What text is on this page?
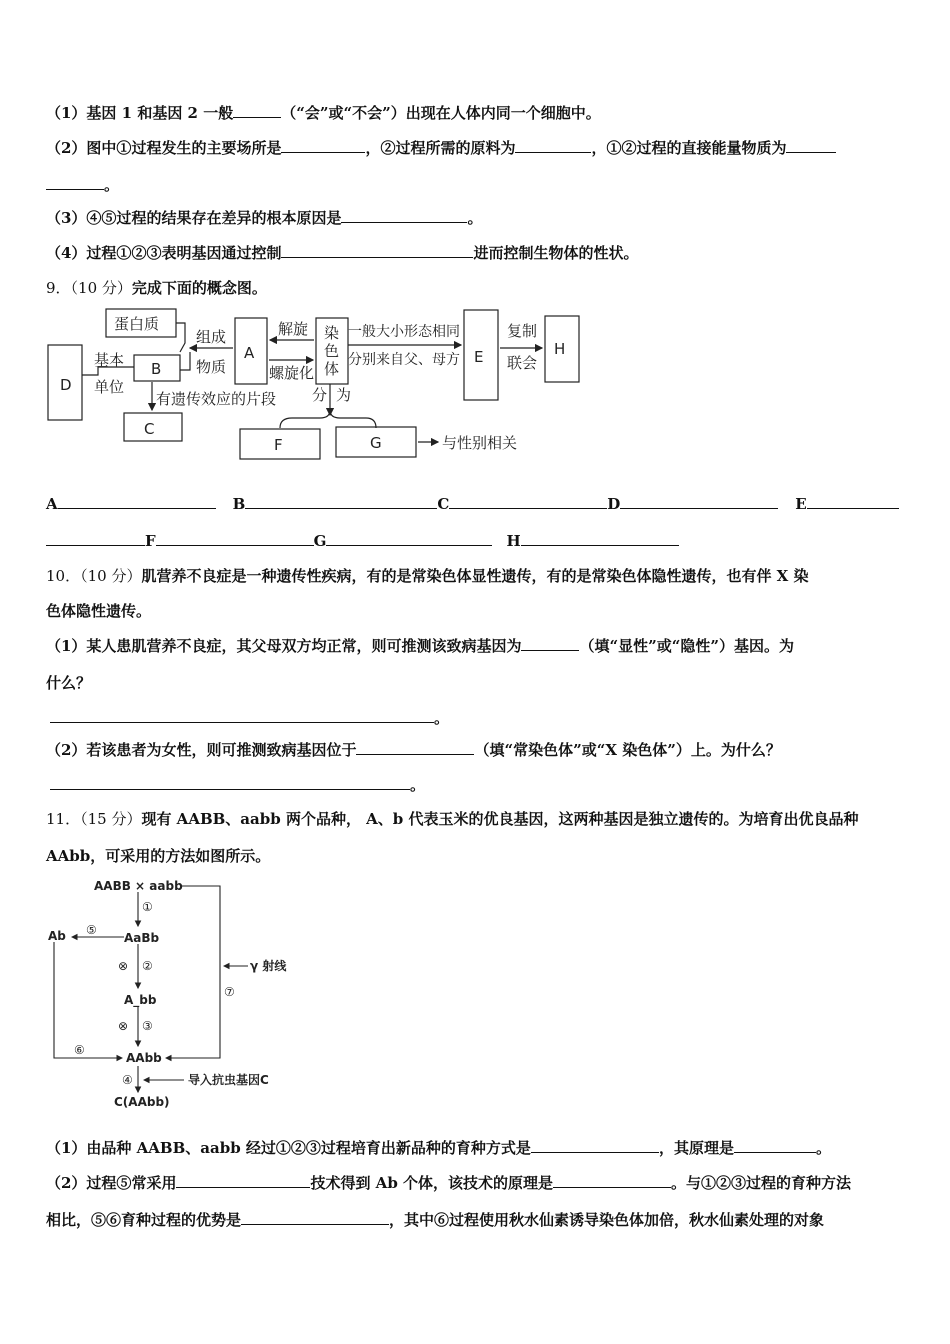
（1）基因 1 和基因 2 一般	（“会”或“不会”）出现在人体内同一个细胞中。
（2）图中①过程发生的主要场所是	，②过程所需的原料为	，①②过程的直接能量物质为
。
（3）④⑤过程的结果存在差异的根本原因是	。
（4）过程①②③表明基因通过控制	进而控制生物体的性状。
9．（10 分）完成下面的概念图。
蛋白质
组成
物质
A
B
D
C
基本
单位
解旋
螺旋化
染
色
体
一般大小形态相同
分别来自父、母方 E
复制
联会
H
有遗传效应的片段 分 为
F	G	与性别相关
A	B	C	D	E
F	G	H
10．（10 分）肌营养不良症是一种遗传性疾病，有的是常染色体显性遗传，有的是常染色体隐性遗传，也有伴 X 染
色体隐性遗传。
（1）某人患肌营养不良症，其父母双方均正常，则可推测该致病基因为	（填“显性”或“隐性”）基因。为
什么？
。
（2）若该患者为女性，则可推测致病基因位于	（填“常染色体”或“X 染色体”）上。为什么？
。
11．（15 分）现有 AABB、aabb 两个品种， A、b 代表玉米的优良基因，这两种基因是独立遗传的。为培育出优良品种
AAbb，可采用的方法如图所示。
AABB × aabb
①
AaBb
Ab ⑤
⊗ ②
A_bb
⊗ ③
AAbb
⑥
⑦
γ 射线
④	导入抗虫基因C
C(AAbb)
（1）由品种 AABB、aabb 经过①②③过程培育出新品种的育种方式是	，其原理是	。
（2）过程⑤常采用	技术得到 Ab 个体，该技术的原理是	。与①②③过程的育种方法
相比，⑤⑥育种过程的优势是	，其中⑥过程使用秋水仙素诱导染色体加倍，秋水仙素处理的对象
